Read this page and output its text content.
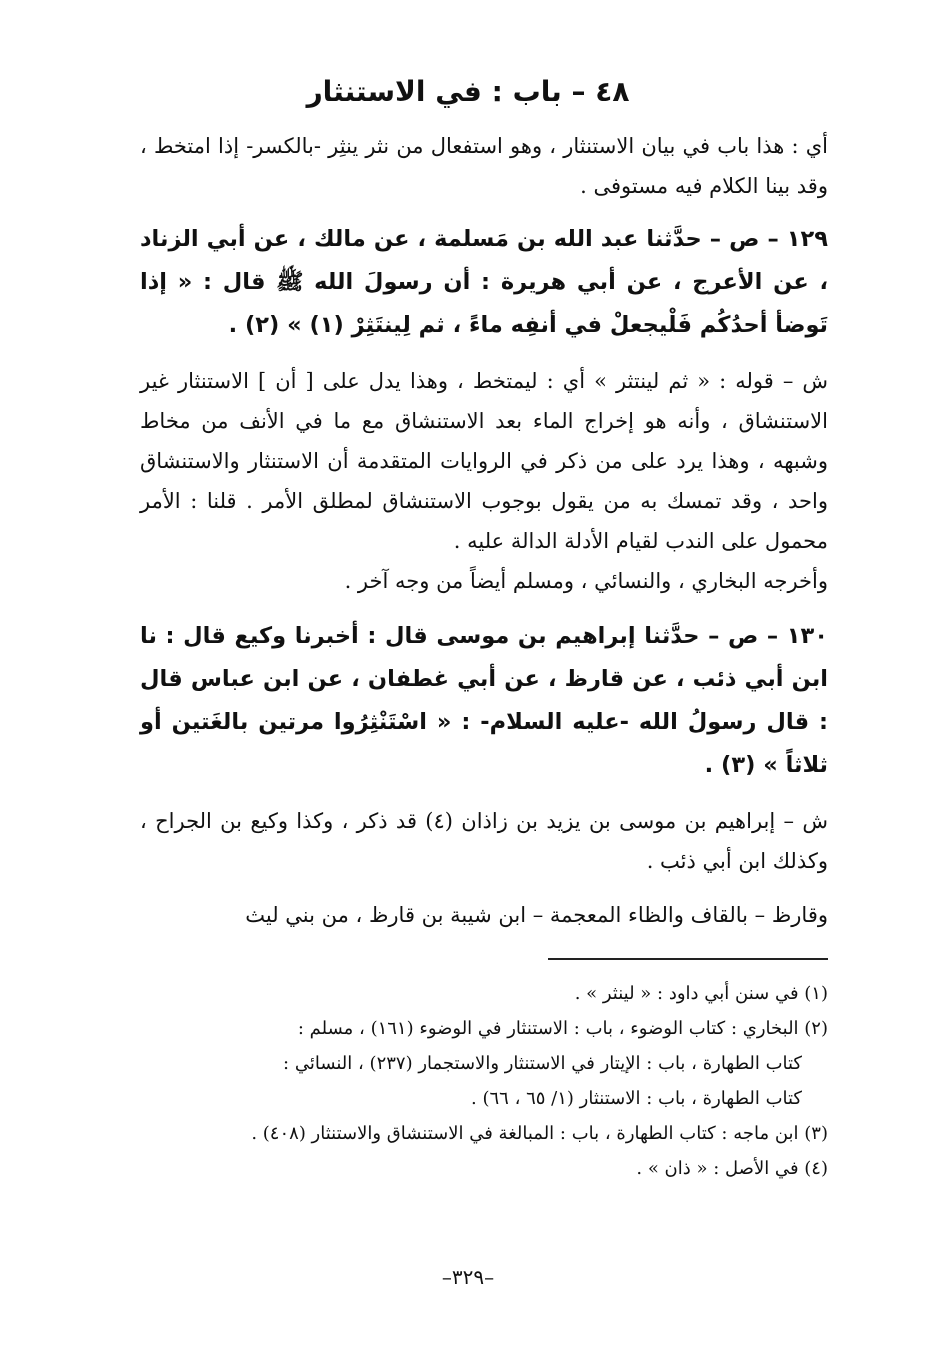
٤٨ – باب : في الاستنثار

أي : هذا باب في بيان الاستنثار ، وهو استفعال من نثر ينثِر -بالكسر- إذا امتخط ، وقد بينا الكلام فيه مستوفى .

١٢٩ – ص – حدَّثنا عبد الله بن مَسلمة ، عن مالك ، عن أبي الزناد ، عن الأعرج ، عن أبي هريرة : أن رسولَ الله ﷺ قال : « إذا تَوضأ أحدُكُم فَلْيجعلْ في أنفِه ماءً ، ثم لِينتَثِرْ (١) » (٢) .

ش – قوله : « ثم لينتثر » أي : ليمتخط ، وهذا يدل على [ أن ] الاستنثار غير الاستنشاق ، وأنه هو إخراج الماء بعد الاستنشاق مع ما في الأنف من مخاط وشبهه ، وهذا يرد على من ذكر في الروايات المتقدمة أن الاستنثار والاستنشاق واحد ، وقد تمسك به من يقول بوجوب الاستنشاق لمطلق الأمر . قلنا : الأمر محمول على الندب لقيام الأدلة الدالة عليه .

وأخرجه البخاري ، والنسائي ، ومسلم أيضاً من وجه آخر .

١٣٠ – ص – حدَّثنا إبراهيم بن موسى قال : أخبرنا وكيع قال : نا ابن أبي ذئب ، عن قارظ ، عن أبي غطفان ، عن ابن عباس قال : قال رسولُ الله -عليه السلام- : « اسْتَنْثِرُوا مرتين بالغَتين أو ثلاثاً » (٣) .

ش – إبراهيم بن موسى بن يزيد بن زاذان (٤) قد ذكر ، وكذا وكيع بن الجراح ، وكذلك ابن أبي ذئب .

وقارظ – بالقاف والظاء المعجمة – ابن شيبة بن قارظ ، من بني ليث

(١) في سنن أبي داود : « لينثر » .

(٢) البخاري : كتاب الوضوء ، باب : الاستنثار في الوضوء (١٦١) ، مسلم :

كتاب الطهارة ، باب : الإيتار في الاستنثار والاستجمار (٢٣٧) ، النسائي :

كتاب الطهارة ، باب : الاستنثار (١/ ٦٥ ، ٦٦) .

(٣) ابن ماجه : كتاب الطهارة ، باب : المبالغة في الاستنشاق والاستنثار (٤٠٨) .

(٤) في الأصل : « ذان » .

–٣٢٩–
